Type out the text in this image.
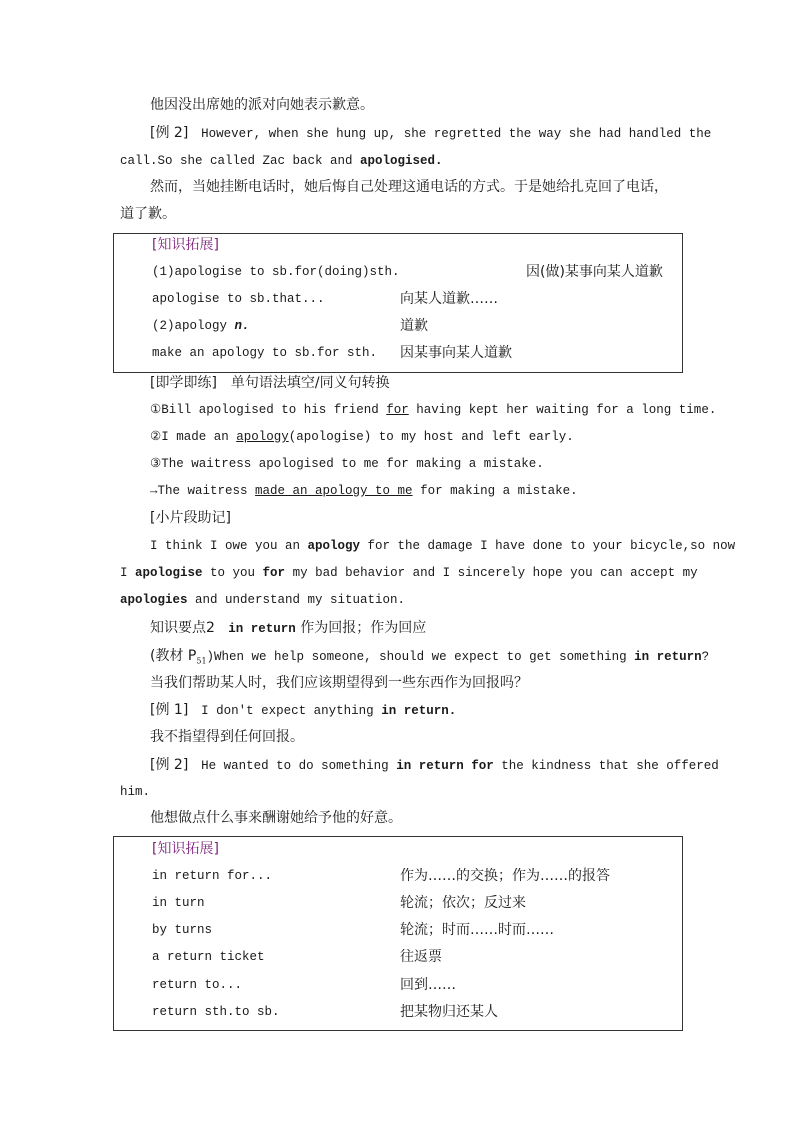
他因没出席她的派对向她表示歉意。
[例 2] However, when she hung up, she regretted the way she had handled the
call.So she called Zac back and apologised.
然而，当她挂断电话时，她后悔自己处理这通电话的方式。于是她给扎克回了电话，
道了歉。
[知识拓展]
(1)apologise to sb.for(doing)sth.	因(做)某事向某人道歉
apologise to sb.that...	向某人道歉……
(2)apology n.	道歉
make an apology to sb.for sth. 因某事向某人道歉
[即学即练]　单句语法填空/同义句转换
①Bill apologised to his friend for having kept her waiting for a long time.
②I made an apology(apologise) to my host and left early.
③The waitress apologised to me for making a mistake.
→The waitress made an apology to me for making a mistake.
[小片段助记]
I think I owe you an apology for the damage I have done to your bicycle,so now
I apologise to you for my bad behavior and I sincerely hope you can accept my
apologies and understand my situation.
知识要点2 in return 作为回报；作为回应
(教材 $P_{51})When$ we help someone, should we expect to get something in return?
当我们帮助某人时，我们应该期望得到一些东西作为回报吗？
[例 1] I don't expect anything in return.
我不指望得到任何回报。
[例 2] He wanted to do something in return for the kindness that she offered
him.
他想做点什么事来酬谢她给予他的好意。
[知识拓展]
in return for...	作为……的交换；作为……的报答
in turn	轮流；依次；反过来
by turns	轮流；时而……时而……
a return ticket	往返票
return to...	回到……
return sth.to sb.	把某物归还某人
